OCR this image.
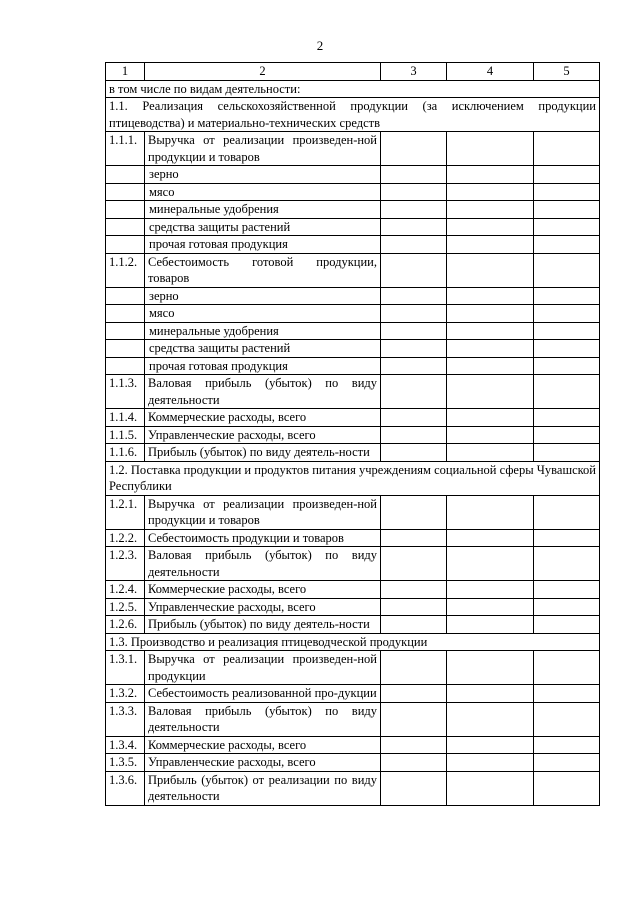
2
1	2	3	4	5
в том числе по видам деятельности:				
1.1. Реализация сельскохозяйственной продукции (за исключением продукции птицеводства) и материально-технических средств				
1.1.1.	Выручка от реализации произведен-ной продукции и товаров			
	зерно			
	мясо			
	минеральные удобрения			
	средства защиты растений			
	прочая готовая продукция			
1.1.2.	Себестоимость готовой продукции, товаров			
	зерно			
	мясо			
	минеральные удобрения			
	средства защиты растений			
	прочая готовая продукция			
1.1.3.	Валовая прибыль (убыток) по виду деятельности			
1.1.4.	Коммерческие расходы, всего			
1.1.5.	Управленческие расходы, всего			
1.1.6.	Прибыль (убыток) по виду деятель-ности			
1.2. Поставка продукции и продуктов питания учреждениям социальной сферы Чувашской Республики				
1.2.1.	Выручка от реализации произведен-ной продукции и товаров			
1.2.2.	Себестоимость продукции и товаров			
1.2.3.	Валовая прибыль (убыток) по виду деятельности			
1.2.4.	Коммерческие расходы, всего			
1.2.5.	Управленческие расходы, всего			
1.2.6.	Прибыль (убыток) по виду деятель-ности			
1.3. Производство и реализация птицеводческой продукции				
1.3.1.	Выручка от реализации произведен-ной продукции			
1.3.2.	Себестоимость реализованной про-дукции			
1.3.3.	Валовая прибыль (убыток) по виду деятельности			
1.3.4.	Коммерческие расходы, всего			
1.3.5.	Управленческие расходы, всего			
1.3.6.	Прибыль (убыток) от реализации по виду деятельности			
